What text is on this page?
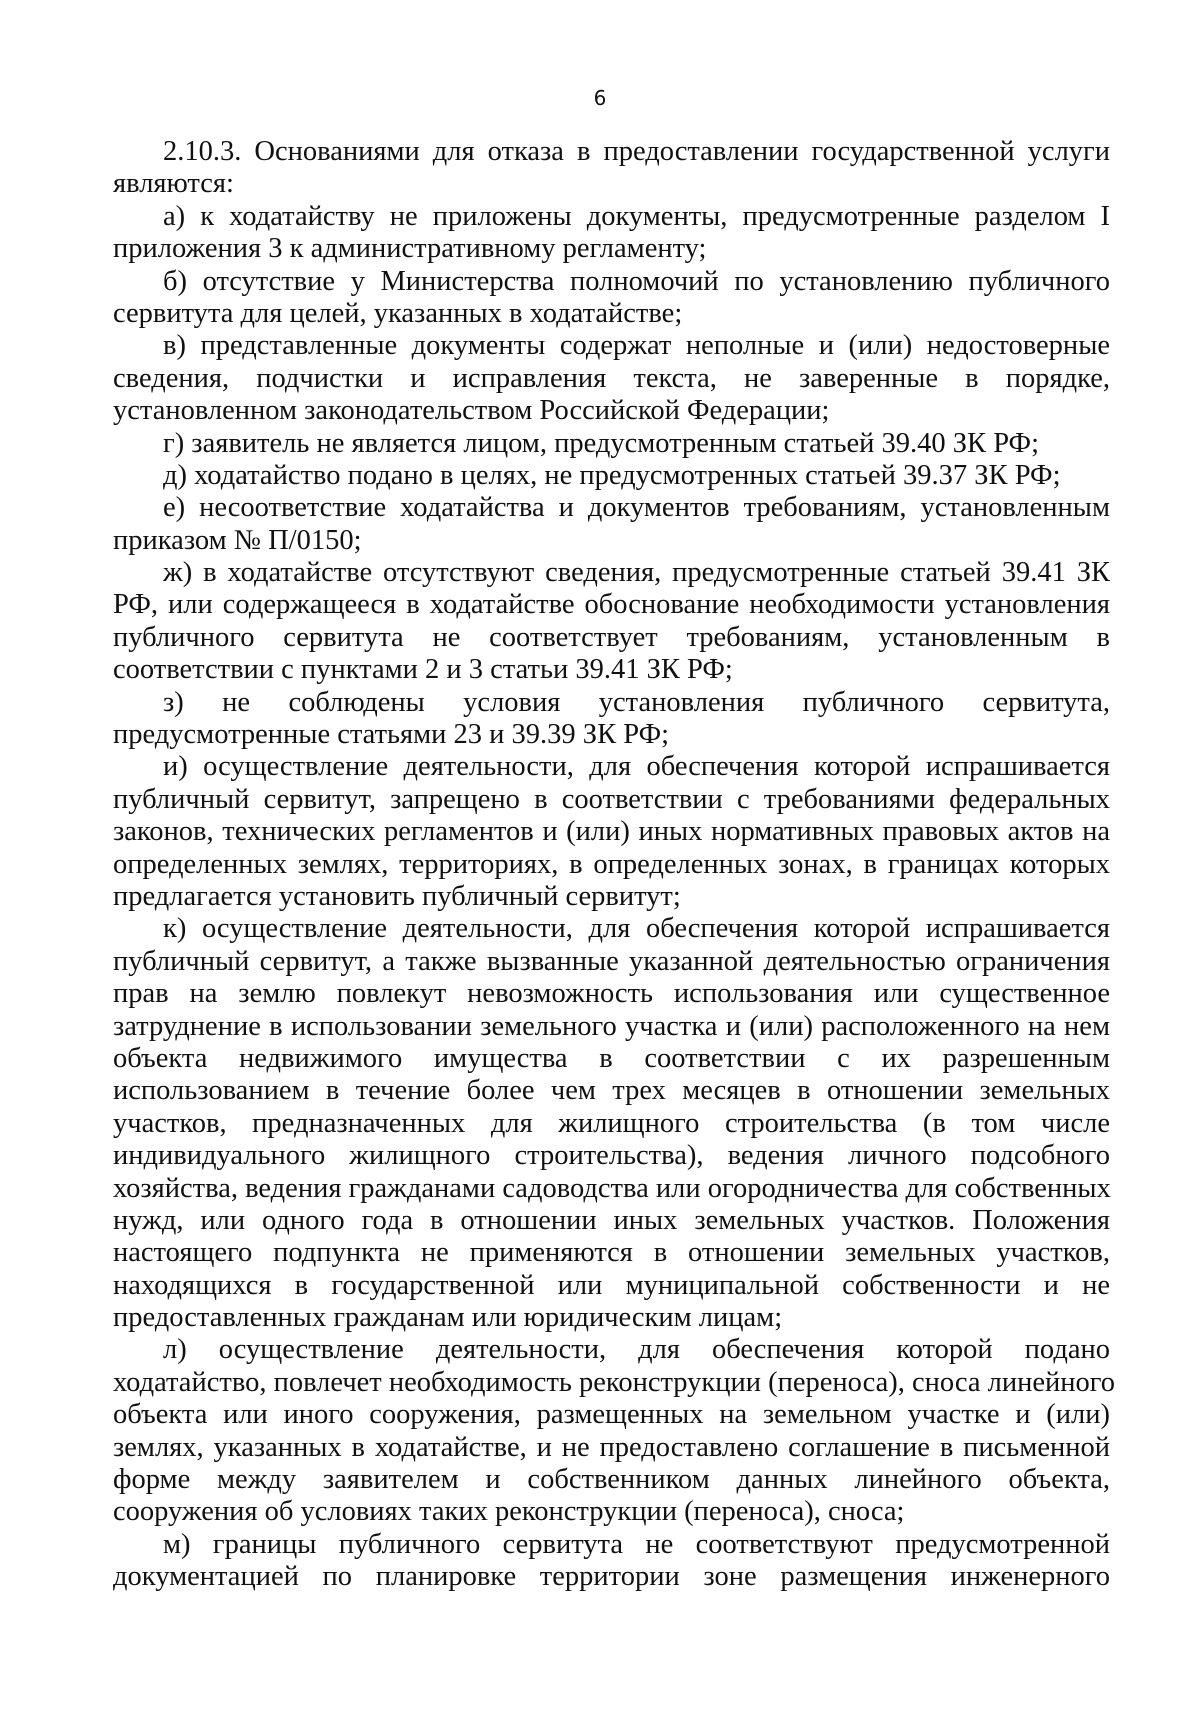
6
2.10.3. Основаниями для отказа в предоставлении государственной услуги
являются:
а) к ходатайству не приложены документы, предусмотренные разделом I
приложения 3 к административному регламенту;
б) отсутствие у Министерства полномочий по установлению публичного
сервитута для целей, указанных в ходатайстве;
в) представленные документы содержат неполные и (или) недостоверные
сведения, подчистки и исправления текста, не заверенные в порядке,
установленном законодательством Российской Федерации;
г) заявитель не является лицом, предусмотренным статьей 39.40 ЗК РФ;
д) ходатайство подано в целях, не предусмотренных статьей 39.37 ЗК РФ;
е) несоответствие ходатайства и документов требованиям, установленным
приказом № П/0150;
ж) в ходатайстве отсутствуют сведения, предусмотренные статьей 39.41 ЗК
РФ, или содержащееся в ходатайстве обоснование необходимости установления
публичного сервитута не соответствует требованиям, установленным в
соответствии с пунктами 2 и 3 статьи 39.41 ЗК РФ;
з) не соблюдены условия установления публичного сервитута,
предусмотренные статьями 23 и 39.39 ЗК РФ;
и) осуществление деятельности, для обеспечения которой испрашивается
публичный сервитут, запрещено в соответствии с требованиями федеральных
законов, технических регламентов и (или) иных нормативных правовых актов на
определенных землях, территориях, в определенных зонах, в границах которых
предлагается установить публичный сервитут;
к) осуществление деятельности, для обеспечения которой испрашивается
публичный сервитут, а также вызванные указанной деятельностью ограничения
прав на землю повлекут невозможность использования или существенное
затруднение в использовании земельного участка и (или) расположенного на нем
объекта недвижимого имущества в соответствии с их разрешенным
использованием в течение более чем трех месяцев в отношении земельных
участков, предназначенных для жилищного строительства (в том числе
индивидуального жилищного строительства), ведения личного подсобного
хозяйства, ведения гражданами садоводства или огородничества для собственных
нужд, или одного года в отношении иных земельных участков. Положения
настоящего подпункта не применяются в отношении земельных участков,
находящихся в государственной или муниципальной собственности и не
предоставленных гражданам или юридическим лицам;
л) осуществление деятельности, для обеспечения которой подано
ходатайство, повлечет необходимость реконструкции (переноса), сноса линейного
объекта или иного сооружения, размещенных на земельном участке и (или)
землях, указанных в ходатайстве, и не предоставлено соглашение в письменной
форме между заявителем и собственником данных линейного объекта,
сооружения об условиях таких реконструкции (переноса), сноса;
м) границы публичного сервитута не соответствуют предусмотренной
документацией по планировке территории зоне размещения инженерного
